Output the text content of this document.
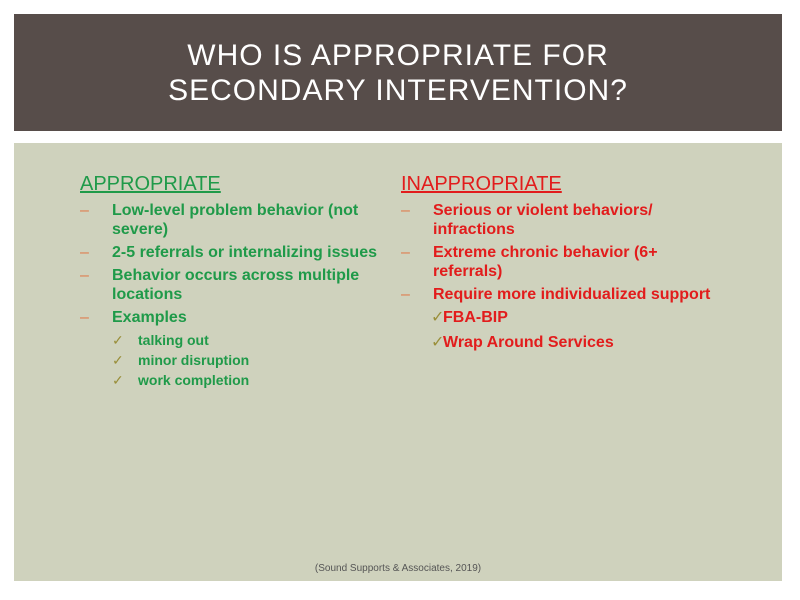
WHO IS APPROPRIATE FOR
SECONDARY INTERVENTION?
APPROPRIATE
– Low-level problem behavior (not severe)
– 2-5 referrals or internalizing issues
– Behavior occurs across multiple locations
– Examples
✓ talking out
✓ minor disruption
✓ work completion
INAPPROPRIATE
– Serious or violent behaviors/ infractions
– Extreme chronic behavior (6+ referrals)
– Require more individualized support
✓
FBA-BIP
✓
Wrap Around Services
(Sound Supports & Associates, 2019)
